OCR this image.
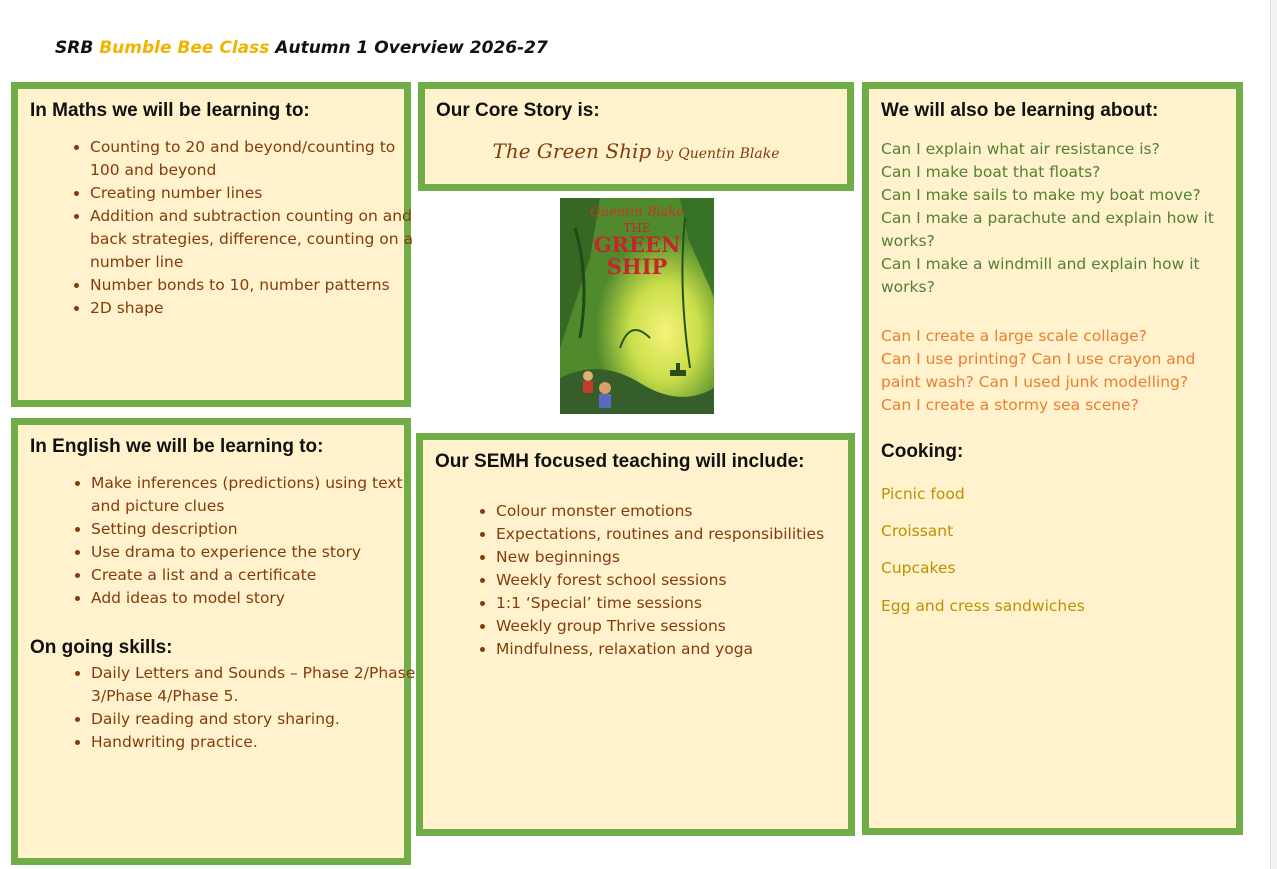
SRB Bumble Bee Class Autumn 1 Overview 2026-27
In Maths we will be learning to:
• Counting to 20 and beyond/counting to 100 and beyond
• Creating number lines
• Addition and subtraction counting on and back strategies, difference, counting on a number line
• Number bonds to 10, number patterns
• 2D shape
In English we will be learning to:
• Make inferences (predictions) using text and picture clues
• Setting description
• Use drama to experience the story
• Create a list and a certificate
• Add ideas to model story
On going skills:
• Daily Letters and Sounds – Phase 2/Phase 3/Phase 4/Phase 5.
• Daily reading and story sharing.
• Handwriting practice.
Our Core Story is:
The Green Ship by Quentin Blake
Quentin Blake
THE
GREEN
SHIP
Our SEMH focused teaching will include:
• Colour monster emotions
• Expectations, routines and responsibilities
• New beginnings
• Weekly forest school sessions
• 1:1 ‘Special’ time sessions
• Weekly group Thrive sessions
• Mindfulness, relaxation and yoga
We will also be learning about:
Can I explain what air resistance is?
Can I make boat that floats?
Can I make sails to make my boat move?
Can I make a parachute and explain how it works?
Can I make a windmill and explain how it works?
Can I create a large scale collage?
Can I use printing? Can I use crayon and paint wash? Can I used junk modelling?
Can I create a stormy sea scene?
Cooking:

Picnic food

Croissant

Cupcakes

Egg and cress sandwiches
